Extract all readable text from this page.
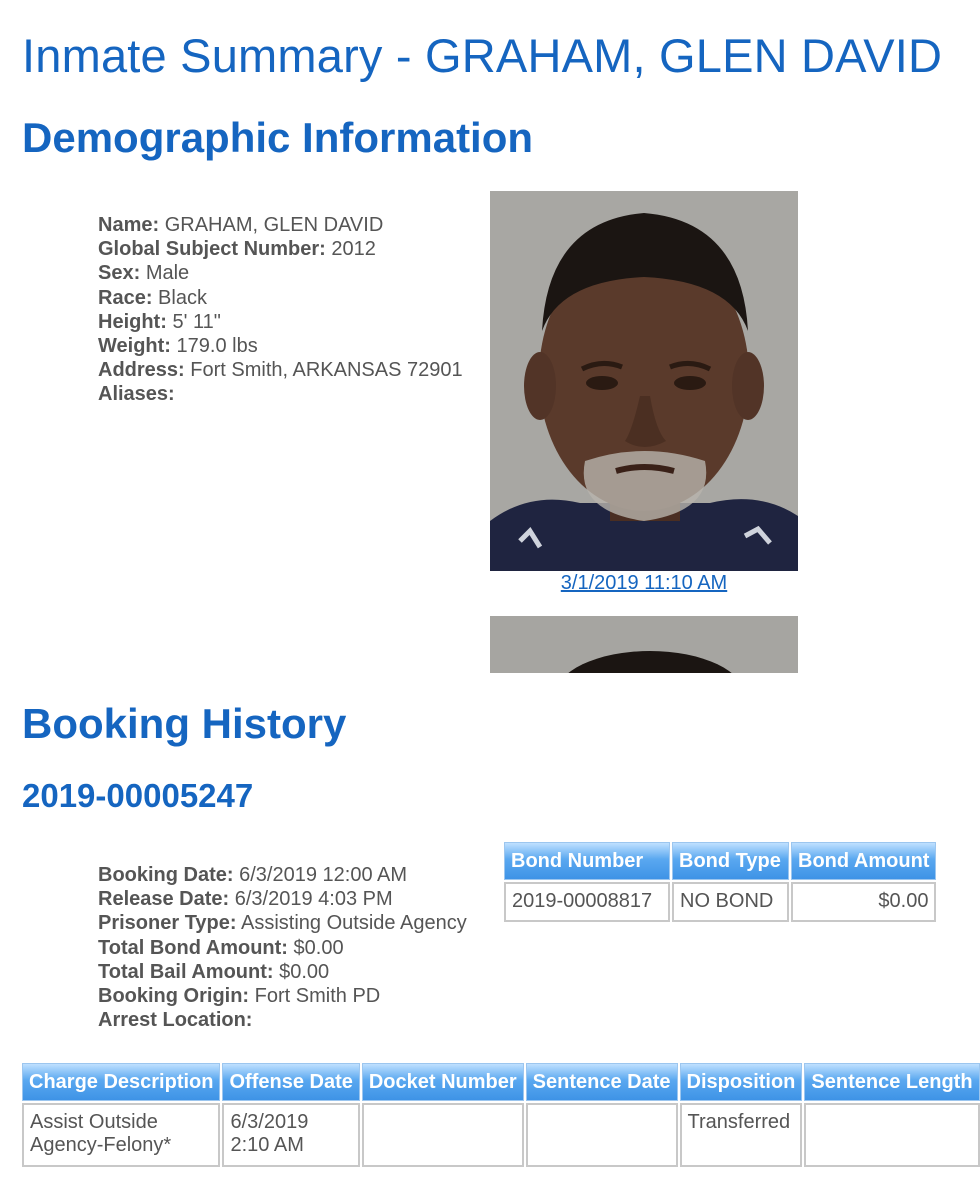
Inmate Summary - GRAHAM, GLEN DAVID
Demographic Information
Name: GRAHAM, GLEN DAVID
Global Subject Number: 2012
Sex: Male
Race: Black
Height: 5' 11"
Weight: 179.0 lbs
Address: Fort Smith, ARKANSAS 72901
Aliases:
3/1/2019 11:10 AM
Booking History
2019-00005247
Booking Date: 6/3/2019 12:00 AM
Release Date: 6/3/2019 4:03 PM
Prisoner Type: Assisting Outside Agency
Total Bond Amount: $0.00
Total Bail Amount: $0.00
Booking Origin: Fort Smith PD
Arrest Location:
Bond Number	Bond Type	Bond Amount
2019-00008817	NO BOND	$0.00
Charge Description	Offense Date	Docket Number	Sentence Date	Disposition	Sentence Length
Assist Outside Agency-Felony*	6/3/2019 2:10 AM			Transferred	
